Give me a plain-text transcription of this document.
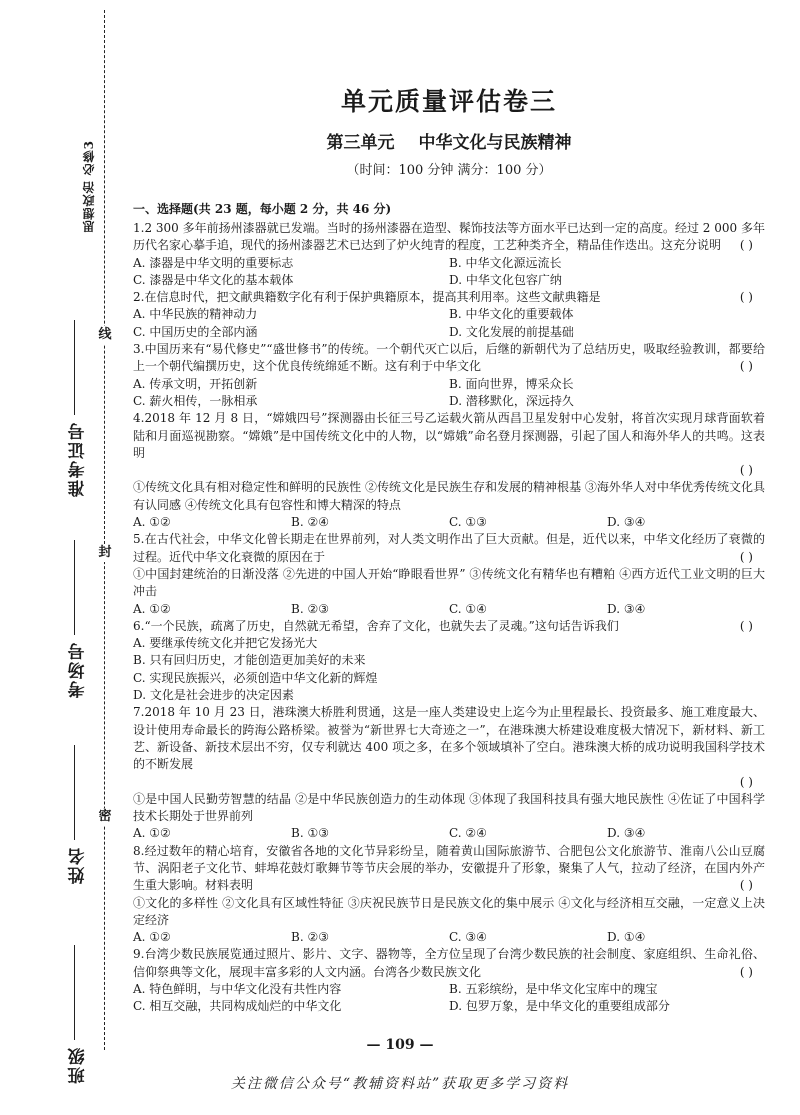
思想政治 必修3
线
封
密
准考证号
考场号
姓名
班级
单元质量评估卷三
第三单元 中华文化与民族精神
（时间：100 分钟 满分：100 分）
一、选择题(共 23 题，每小题 2 分，共 46 分)

1.2 300 多年前扬州漆器就已发端。当时的扬州漆器在造型、髹饰技法等方面水平已达到一定的高度。经过 2 000 多年历代名家心摹手追，现代的扬州漆器艺术已达到了炉火纯青的程度，工艺种类齐全，精品佳作迭出。这充分说明 ( )

A. 漆器是中华文明的重要标志	B. 中华文化源远流长
C. 漆器是中华文化的基本载体	D. 中华文化包容广纳

2.在信息时代，把文献典籍数字化有利于保护典籍原本，提高其利用率。这些文献典籍是	( )

A. 中华民族的精神动力	B. 中华文化的重要载体
C. 中国历史的全部内涵	D. 文化发展的前提基础

3.中国历来有“易代修史”“盛世修书”的传统。一个朝代灭亡以后，后继的新朝代为了总结历史，吸取经验教训，都要给上一个朝代编撰历史，这个优良传统绵延不断。这有利于中华文化	( )

A. 传承文明，开拓创新	B. 面向世界，博采众长
C. 薪火相传，一脉相承	D. 潜移默化，深远持久

4.2018 年 12 月 8 日，“嫦娥四号”探测器由长征三号乙运载火箭从西昌卫星发射中心发射，将首次实现月球背面软着陆和月面巡视勘察。“嫦娥”是中国传统文化中的人物，以“嫦娥”命名登月探测器，引起了国人和海外华人的共鸣。这表明

( )

①传统文化具有相对稳定性和鲜明的民族性 ②传统文化是民族生存和发展的精神根基 ③海外华人对中华优秀传统文化具有认同感 ④传统文化具有包容性和博大精深的特点

A. ①②	B. ②④	C. ①③	D. ③④

5.在古代社会，中华文化曾长期走在世界前列，对人类文明作出了巨大贡献。但是，近代以来，中华文化经历了衰微的过程。近代中华文化衰微的原因在于	( )

①中国封建统治的日渐没落 ②先进的中国人开始“睁眼看世界” ③传统文化有精华也有糟粕 ④西方近代工业文明的巨大冲击

A. ①②	B. ②③	C. ①④	D. ③④

6.“一个民族，疏离了历史，自然就无希望，舍弃了文化，也就失去了灵魂。”这句话告诉我们	( )

A. 要继承传统文化并把它发扬光大

B. 只有回归历史，才能创造更加美好的未来

C. 实现民族振兴，必须创造中华文化新的辉煌

D. 文化是社会进步的决定因素

7.2018 年 10 月 23 日，港珠澳大桥胜利贯通，这是一座人类建设史上迄今为止里程最长、投资最多、施工难度最大、设计使用寿命最长的跨海公路桥梁。被誉为“新世界七大奇迹之一”，在港珠澳大桥建设难度极大情况下，新材料、新工艺、新设备、新技术层出不穷，仅专利就达 400 项之多，在多个领域填补了空白。港珠澳大桥的成功说明我国科学技术的不断发展

( )

①是中国人民勤劳智慧的结晶 ②是中华民族创造力的生动体现 ③体现了我国科技具有强大地民族性 ④佐证了中国科学技术长期处于世界前列

A. ①②	B. ①③	C. ②④	D. ③④

8.经过数年的精心培育，安徽省各地的文化节异彩纷呈，随着黄山国际旅游节、合肥包公文化旅游节、淮南八公山豆腐节、涡阳老子文化节、蚌埠花鼓灯歌舞节等节庆会展的举办，安徽提升了形象，聚集了人气，拉动了经济，在国内外产生重大影响。材料表明	( )

①文化的多样性 ②文化具有区域性特征 ③庆祝民族节日是民族文化的集中展示 ④文化与经济相互交融，一定意义上决定经济

A. ①②	B. ②③	C. ③④	D. ①④

9.台湾少数民族展览通过照片、影片、文字、器物等，全方位呈现了台湾少数民族的社会制度、家庭组织、生命礼俗、信仰祭典等文化，展现丰富多彩的人文内涵。台湾各少数民族文化	( )

A. 特色鲜明，与中华文化没有共性内容	B. 五彩缤纷，是中华文化宝库中的瑰宝
C. 相互交融，共同构成灿烂的中华文化	D. 包罗万象，是中华文化的重要组成部分
— 109 —
关注微信公众号“教辅资料站”获取更多学习资料
